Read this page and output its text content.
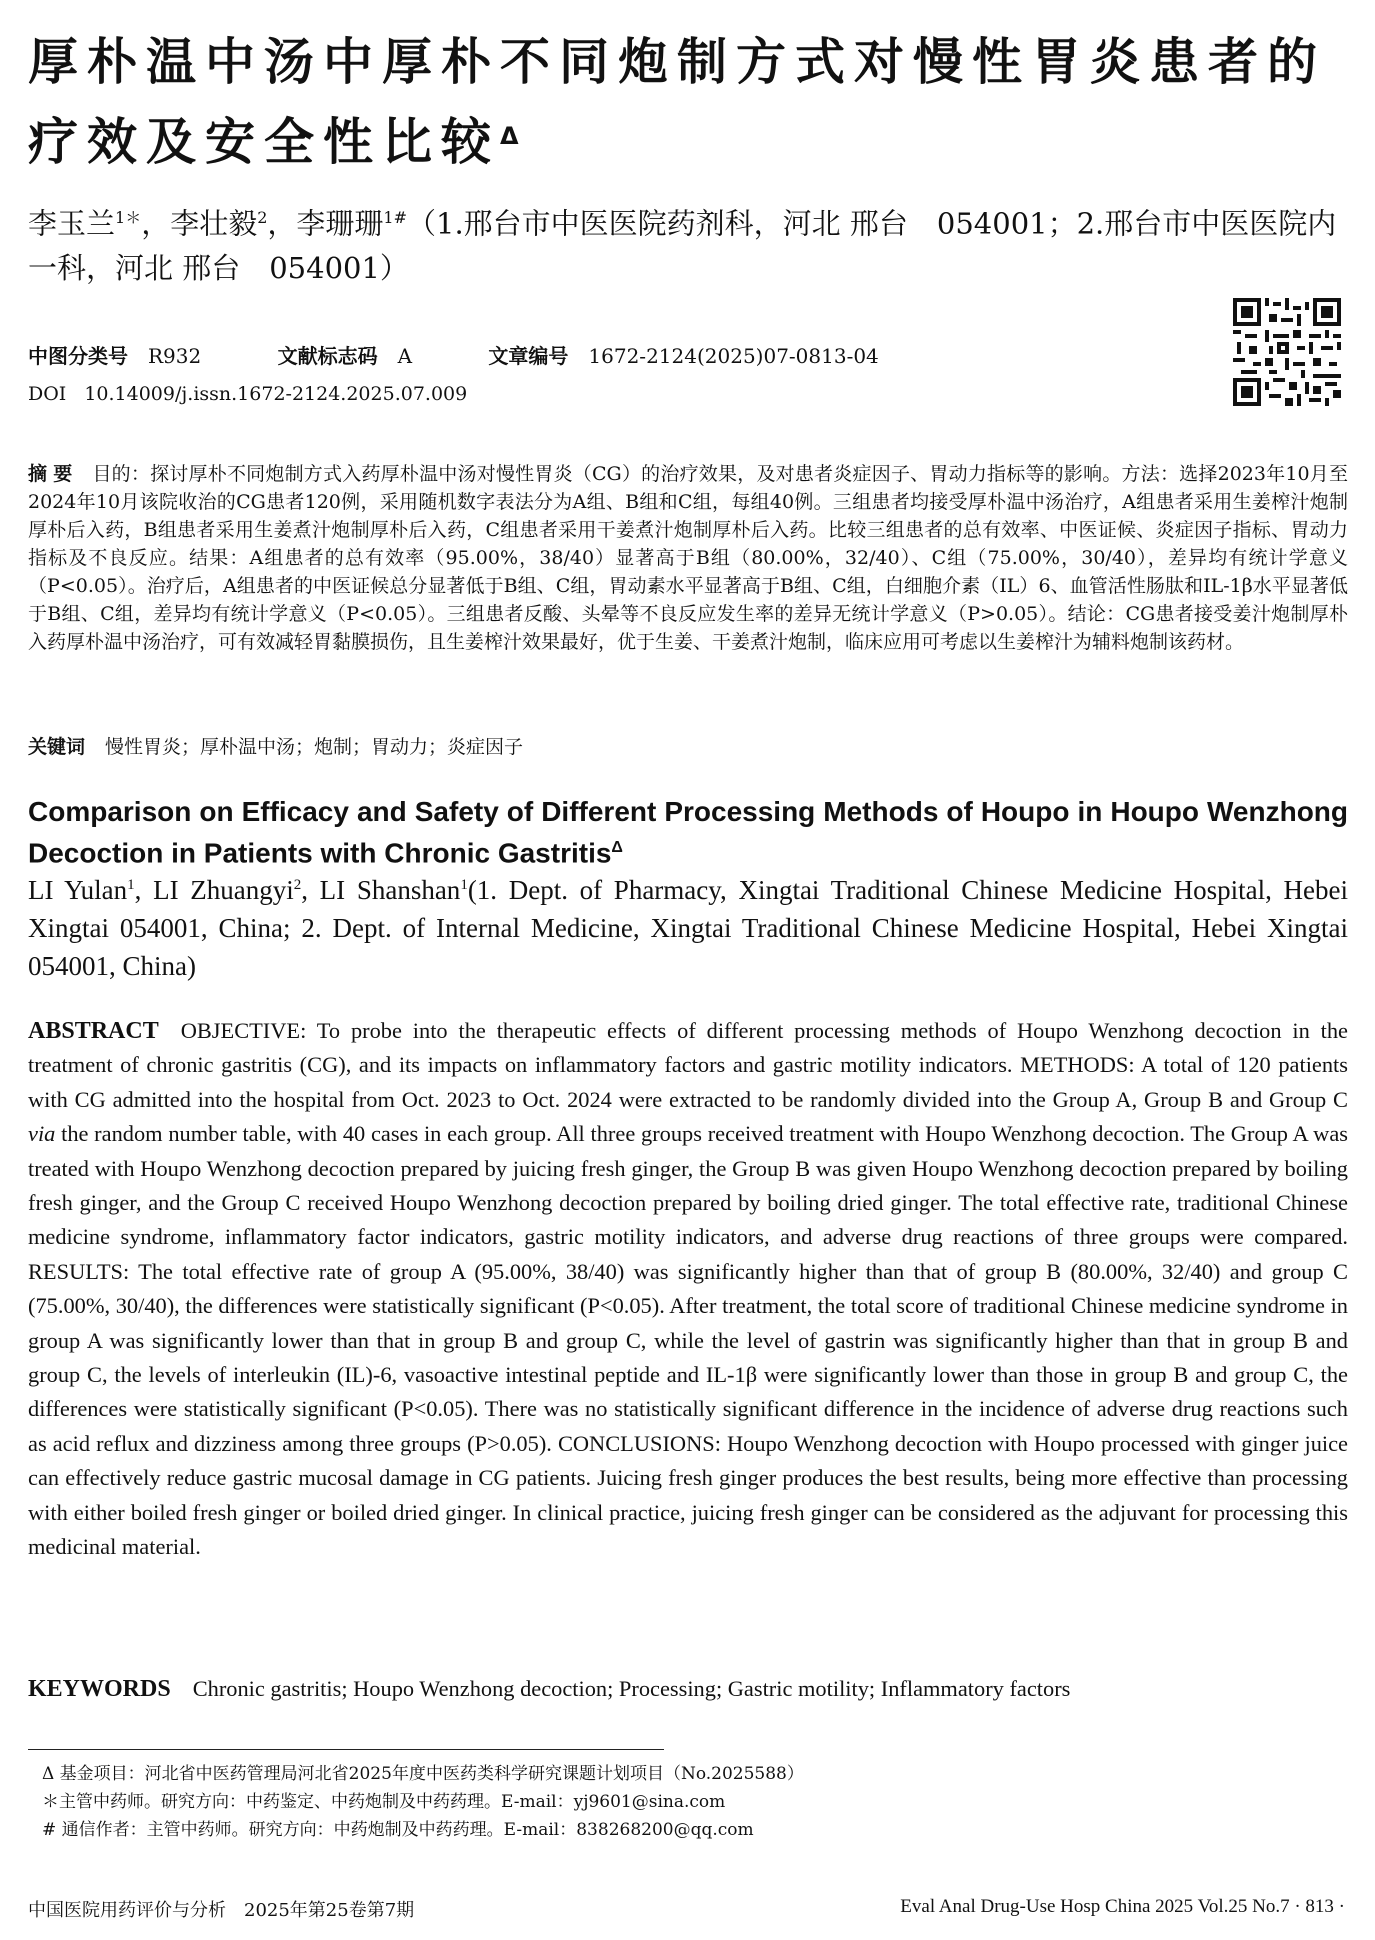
厚朴温中汤中厚朴不同炮制方式对慢性胃炎患者的疗效及安全性比较$^\Delta$
李玉兰$^{1*}$，李壮毅$^2$，李珊珊$^{1\#}$（1.邢台市中医医院药剂科，河北 邢台　054001；2.邢台市中医医院内一科，河北 邢台　054001）
中图分类号 R932	文献标志码 A	文章编号 1672-2124(2025)07-0813-04
DOI 10.14009/j.issn.1672-2124.2025.07.009
摘要 目的：探讨厚朴不同炮制方式入药厚朴温中汤对慢性胃炎（CG）的治疗效果，及对患者炎症因子、胃动力指标等的影响。方法：选择2023年10月至2024年10月该院收治的CG患者120例，采用随机数字表法分为A组、B组和C组，每组40例。三组患者均接受厚朴温中汤治疗，A组患者采用生姜榨汁炮制厚朴后入药，B组患者采用生姜煮汁炮制厚朴后入药，C组患者采用干姜煮汁炮制厚朴后入药。比较三组患者的总有效率、中医证候、炎症因子指标、胃动力指标及不良反应。结果：A组患者的总有效率（95.00%，38/40）显著高于B组（80.00%，32/40）、C组（75.00%，30/40），差异均有统计学意义（P<0.05）。治疗后，A组患者的中医证候总分显著低于B组、C组，胃动素水平显著高于B组、C组，白细胞介素（IL）6、血管活性肠肽和IL-1β水平显著低于B组、C组，差异均有统计学意义（P<0.05）。三组患者反酸、头晕等不良反应发生率的差异无统计学意义（P>0.05）。结论：CG患者接受姜汁炮制厚朴入药厚朴温中汤治疗，可有效减轻胃黏膜损伤，且生姜榨汁效果最好，优于生姜、干姜煮汁炮制，临床应用可考虑以生姜榨汁为辅料炮制该药材。
关键词 慢性胃炎；厚朴温中汤；炮制；胃动力；炎症因子
Comparison on Efficacy and Safety of Different Processing Methods of Houpo in Houpo Wenzhong Decoction in Patients with Chronic Gastritis$^\Delta$
LI Yulan$^1$, LI Zhuangyi$^2$, LI Shanshan$^1$(1. Dept. of Pharmacy, Xingtai Traditional Chinese Medicine Hospital, Hebei Xingtai 054001, China; 2. Dept. of Internal Medicine, Xingtai Traditional Chinese Medicine Hospital, Hebei Xingtai 054001, China)
ABSTRACT OBJECTIVE: To probe into the therapeutic effects of different processing methods of Houpo Wenzhong decoction in the treatment of chronic gastritis (CG), and its impacts on inflammatory factors and gastric motility indicators. METHODS: A total of 120 patients with CG admitted into the hospital from Oct. 2023 to Oct. 2024 were extracted to be randomly divided into the Group A, Group B and Group C via the random number table, with 40 cases in each group. All three groups received treatment with Houpo Wenzhong decoction. The Group A was treated with Houpo Wenzhong decoction prepared by juicing fresh ginger, the Group B was given Houpo Wenzhong decoction prepared by boiling fresh ginger, and the Group C received Houpo Wenzhong decoction prepared by boiling dried ginger. The total effective rate, traditional Chinese medicine syndrome, inflammatory factor indicators, gastric motility indicators, and adverse drug reactions of three groups were compared. RESULTS: The total effective rate of group A (95.00%, 38/40) was significantly higher than that of group B (80.00%, 32/40) and group C (75.00%, 30/40), the differences were statistically significant (P<0.05). After treatment, the total score of traditional Chinese medicine syndrome in group A was significantly lower than that in group B and group C, while the level of gastrin was significantly higher than that in group B and group C, the levels of interleukin (IL)-6, vasoactive intestinal peptide and IL-1β were significantly lower than those in group B and group C, the differences were statistically significant (P<0.05). There was no statistically significant difference in the incidence of adverse drug reactions such as acid reflux and dizziness among three groups (P>0.05). CONCLUSIONS: Houpo Wenzhong decoction with Houpo processed with ginger juice can effectively reduce gastric mucosal damage in CG patients. Juicing fresh ginger produces the best results, being more effective than processing with either boiled fresh ginger or boiled dried ginger. In clinical practice, juicing fresh ginger can be considered as the adjuvant for processing this medicinal material.
KEYWORDS Chronic gastritis; Houpo Wenzhong decoction; Processing; Gastric motility; Inflammatory factors
Δ 基金项目：河北省中医药管理局河北省2025年度中医药类科学研究课题计划项目（No.2025588）
＊主管中药师。研究方向：中药鉴定、中药炮制及中药药理。E-mail：yj9601@sina.com
# 通信作者：主管中药师。研究方向：中药炮制及中药药理。E-mail：838268200@qq.com
中国医院用药评价与分析　2025年第25卷第7期	Eval Anal Drug-Use Hosp China 2025 Vol.25 No.7 · 813 ·
